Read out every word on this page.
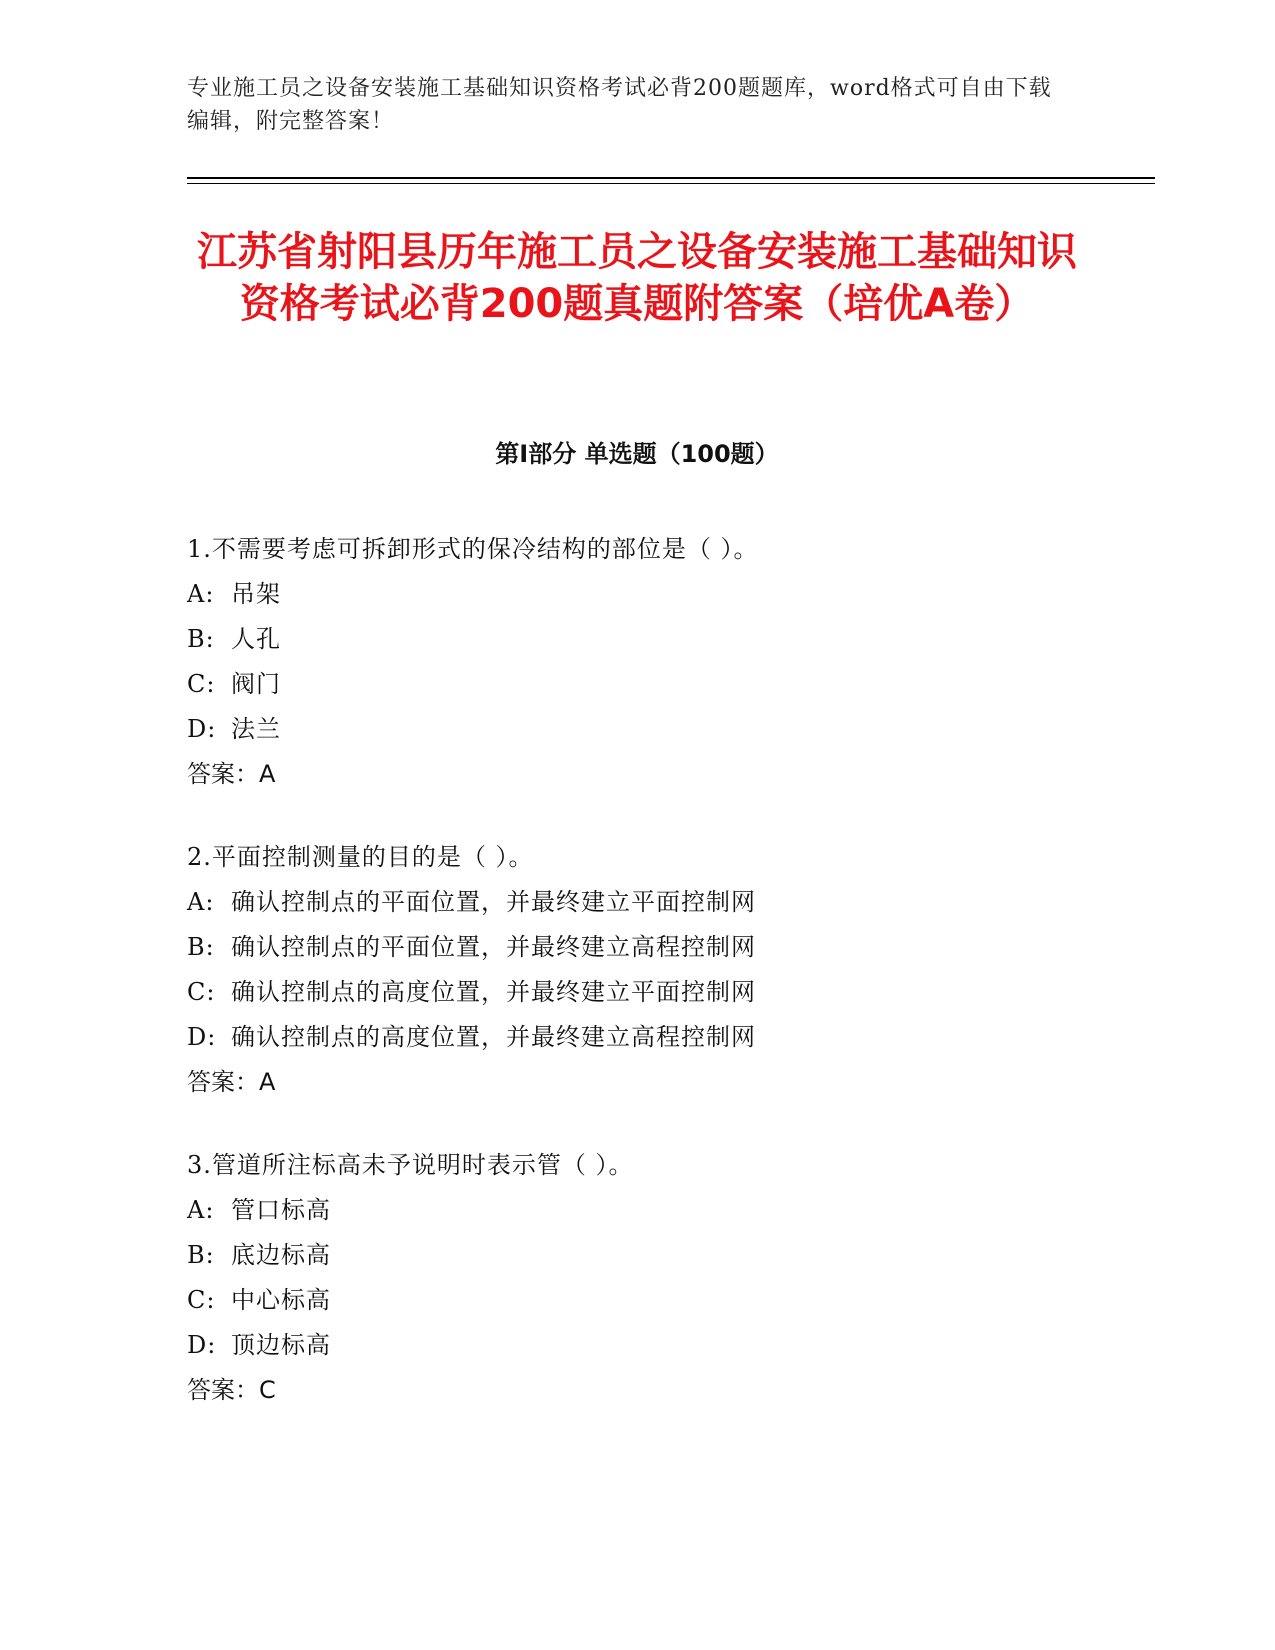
专业施工员之设备安装施工基础知识资格考试必背200题题库，word格式可自由下载编辑，附完整答案！
江苏省射阳县历年施工员之设备安装施工基础知识资格考试必背200题真题附答案（培优A卷）
第I部分 单选题（100题）
1.不需要考虑可拆卸形式的保冷结构的部位是（ ）。
A: 吊架
B: 人孔
C: 阀门
D: 法兰
答案：A
2.平面控制测量的目的是（ ）。
A: 确认控制点的平面位置，并最终建立平面控制网
B: 确认控制点的平面位置，并最终建立高程控制网
C: 确认控制点的高度位置，并最终建立平面控制网
D: 确认控制点的高度位置，并最终建立高程控制网
答案：A
3.管道所注标高未予说明时表示管（ ）。
A: 管口标高
B: 底边标高
C: 中心标高
D: 顶边标高
答案：C
